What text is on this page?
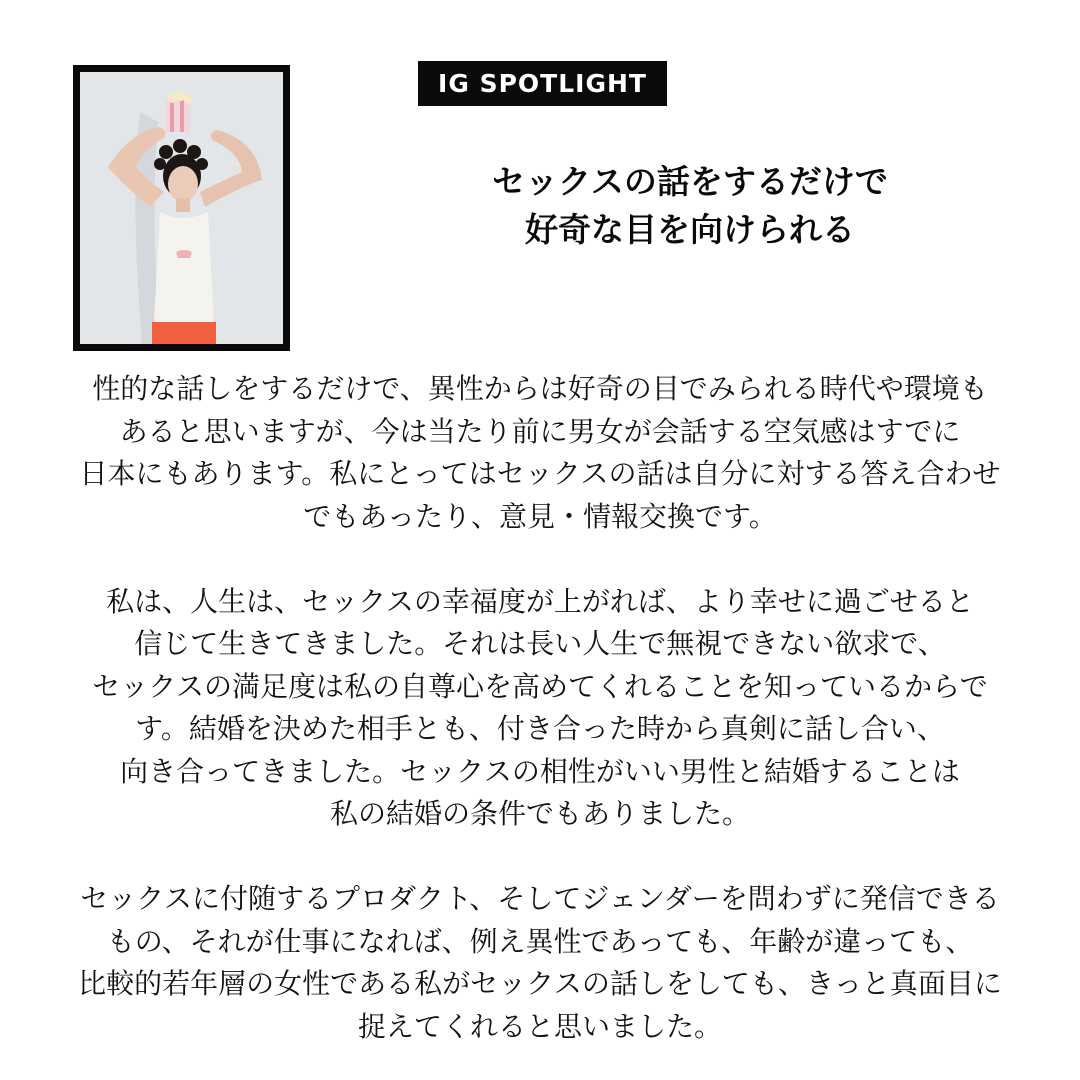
IG SPOTLIGHT
セックスの話をするだけで
好奇な目を向けられる
性的な話しをするだけで、異性からは好奇の目でみられる時代や環境も
あると思いますが、今は当たり前に男女が会話する空気感はすでに
日本にもあります。私にとってはセックスの話は自分に対する答え合わせ
でもあったり、意見・情報交換です。
私は、人生は、セックスの幸福度が上がれば、より幸せに過ごせると
信じて生きてきました。それは長い人生で無視できない欲求で、
セックスの満足度は私の自尊心を高めてくれることを知っているからで
す。結婚を決めた相手とも、付き合った時から真剣に話し合い、
向き合ってきました。セックスの相性がいい男性と結婚することは
私の結婚の条件でもありました。
セックスに付随するプロダクト、そしてジェンダーを問わずに発信できる
もの、それが仕事になれば、例え異性であっても、年齢が違っても、
比較的若年層の女性である私がセックスの話しをしても、きっと真面目に
捉えてくれると思いました。
